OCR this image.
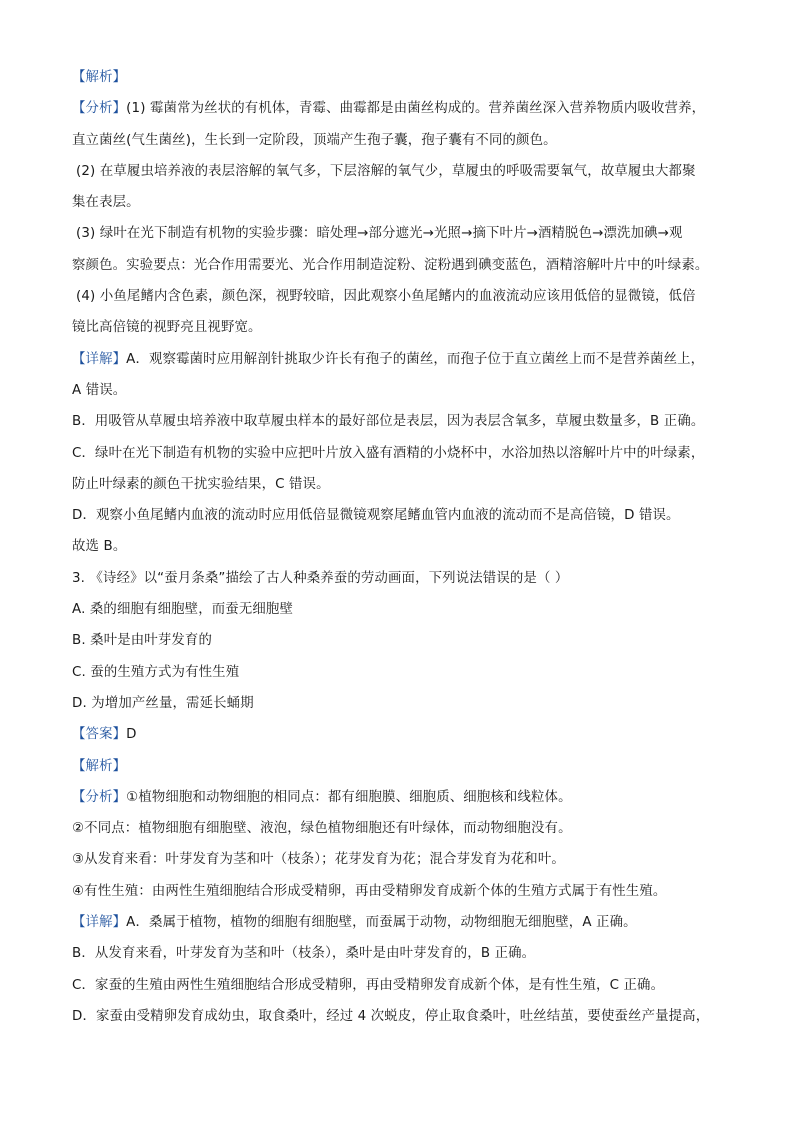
【解析】
【分析】(1) 霉菌常为丝状的有机体，青霉、曲霉都是由菌丝构成的。营养菌丝深入营养物质内吸收营养，
直立菌丝(气生菌丝)，生长到一定阶段，顶端产生孢子囊，孢子囊有不同的颜色。
(2) 在草履虫培养液的表层溶解的氧气多，下层溶解的氧气少，草履虫的呼吸需要氧气，故草履虫大都聚
集在表层。
(3) 绿叶在光下制造有机物的实验步骤：暗处理→部分遮光→光照→摘下叶片→酒精脱色→漂洗加碘→观
察颜色。实验要点：光合作用需要光、光合作用制造淀粉、淀粉遇到碘变蓝色，酒精溶解叶片中的叶绿素。
(4) 小鱼尾鳍内含色素，颜色深，视野较暗，因此观察小鱼尾鳍内的血液流动应该用低倍的显微镜，低倍
镜比高倍镜的视野亮且视野宽。
【详解】A．观察霉菌时应用解剖针挑取少许长有孢子的菌丝，而孢子位于直立菌丝上而不是营养菌丝上，
A 错误。
B．用吸管从草履虫培养液中取草履虫样本的最好部位是表层，因为表层含氧多，草履虫数量多，B 正确。
C．绿叶在光下制造有机物的实验中应把叶片放入盛有酒精的小烧杯中，水浴加热以溶解叶片中的叶绿素，
防止叶绿素的颜色干扰实验结果，C 错误。
D．观察小鱼尾鳍内血液的流动时应用低倍显微镜观察尾鳍血管内血液的流动而不是高倍镜，D 错误。
故选 B。
3. 《诗经》以“蚕月条桑”描绘了古人种桑养蚕的劳动画面，下列说法错误的是（ ）
A. 桑的细胞有细胞壁，而蚕无细胞壁
B. 桑叶是由叶芽发育的
C. 蚕的生殖方式为有性生殖
D. 为增加产丝量，需延长蛹期
【答案】D
【解析】
【分析】①植物细胞和动物细胞的相同点：都有细胞膜、细胞质、细胞核和线粒体。
②不同点：植物细胞有细胞壁、液泡，绿色植物细胞还有叶绿体，而动物细胞没有。
③从发育来看：叶芽发育为茎和叶（枝条）；花芽发育为花；混合芽发育为花和叶。
④有性生殖：由两性生殖细胞结合形成受精卵，再由受精卵发育成新个体的生殖方式属于有性生殖。
【详解】A．桑属于植物，植物的细胞有细胞壁，而蚕属于动物，动物细胞无细胞壁，A 正确。
B．从发育来看，叶芽发育为茎和叶（枝条），桑叶是由叶芽发育的，B 正确。
C．家蚕的生殖由两性生殖细胞结合形成受精卵，再由受精卵发育成新个体，是有性生殖，C 正确。
D．家蚕由受精卵发育成幼虫，取食桑叶，经过 4 次蜕皮，停止取食桑叶，吐丝结茧，要使蚕丝产量提高，
